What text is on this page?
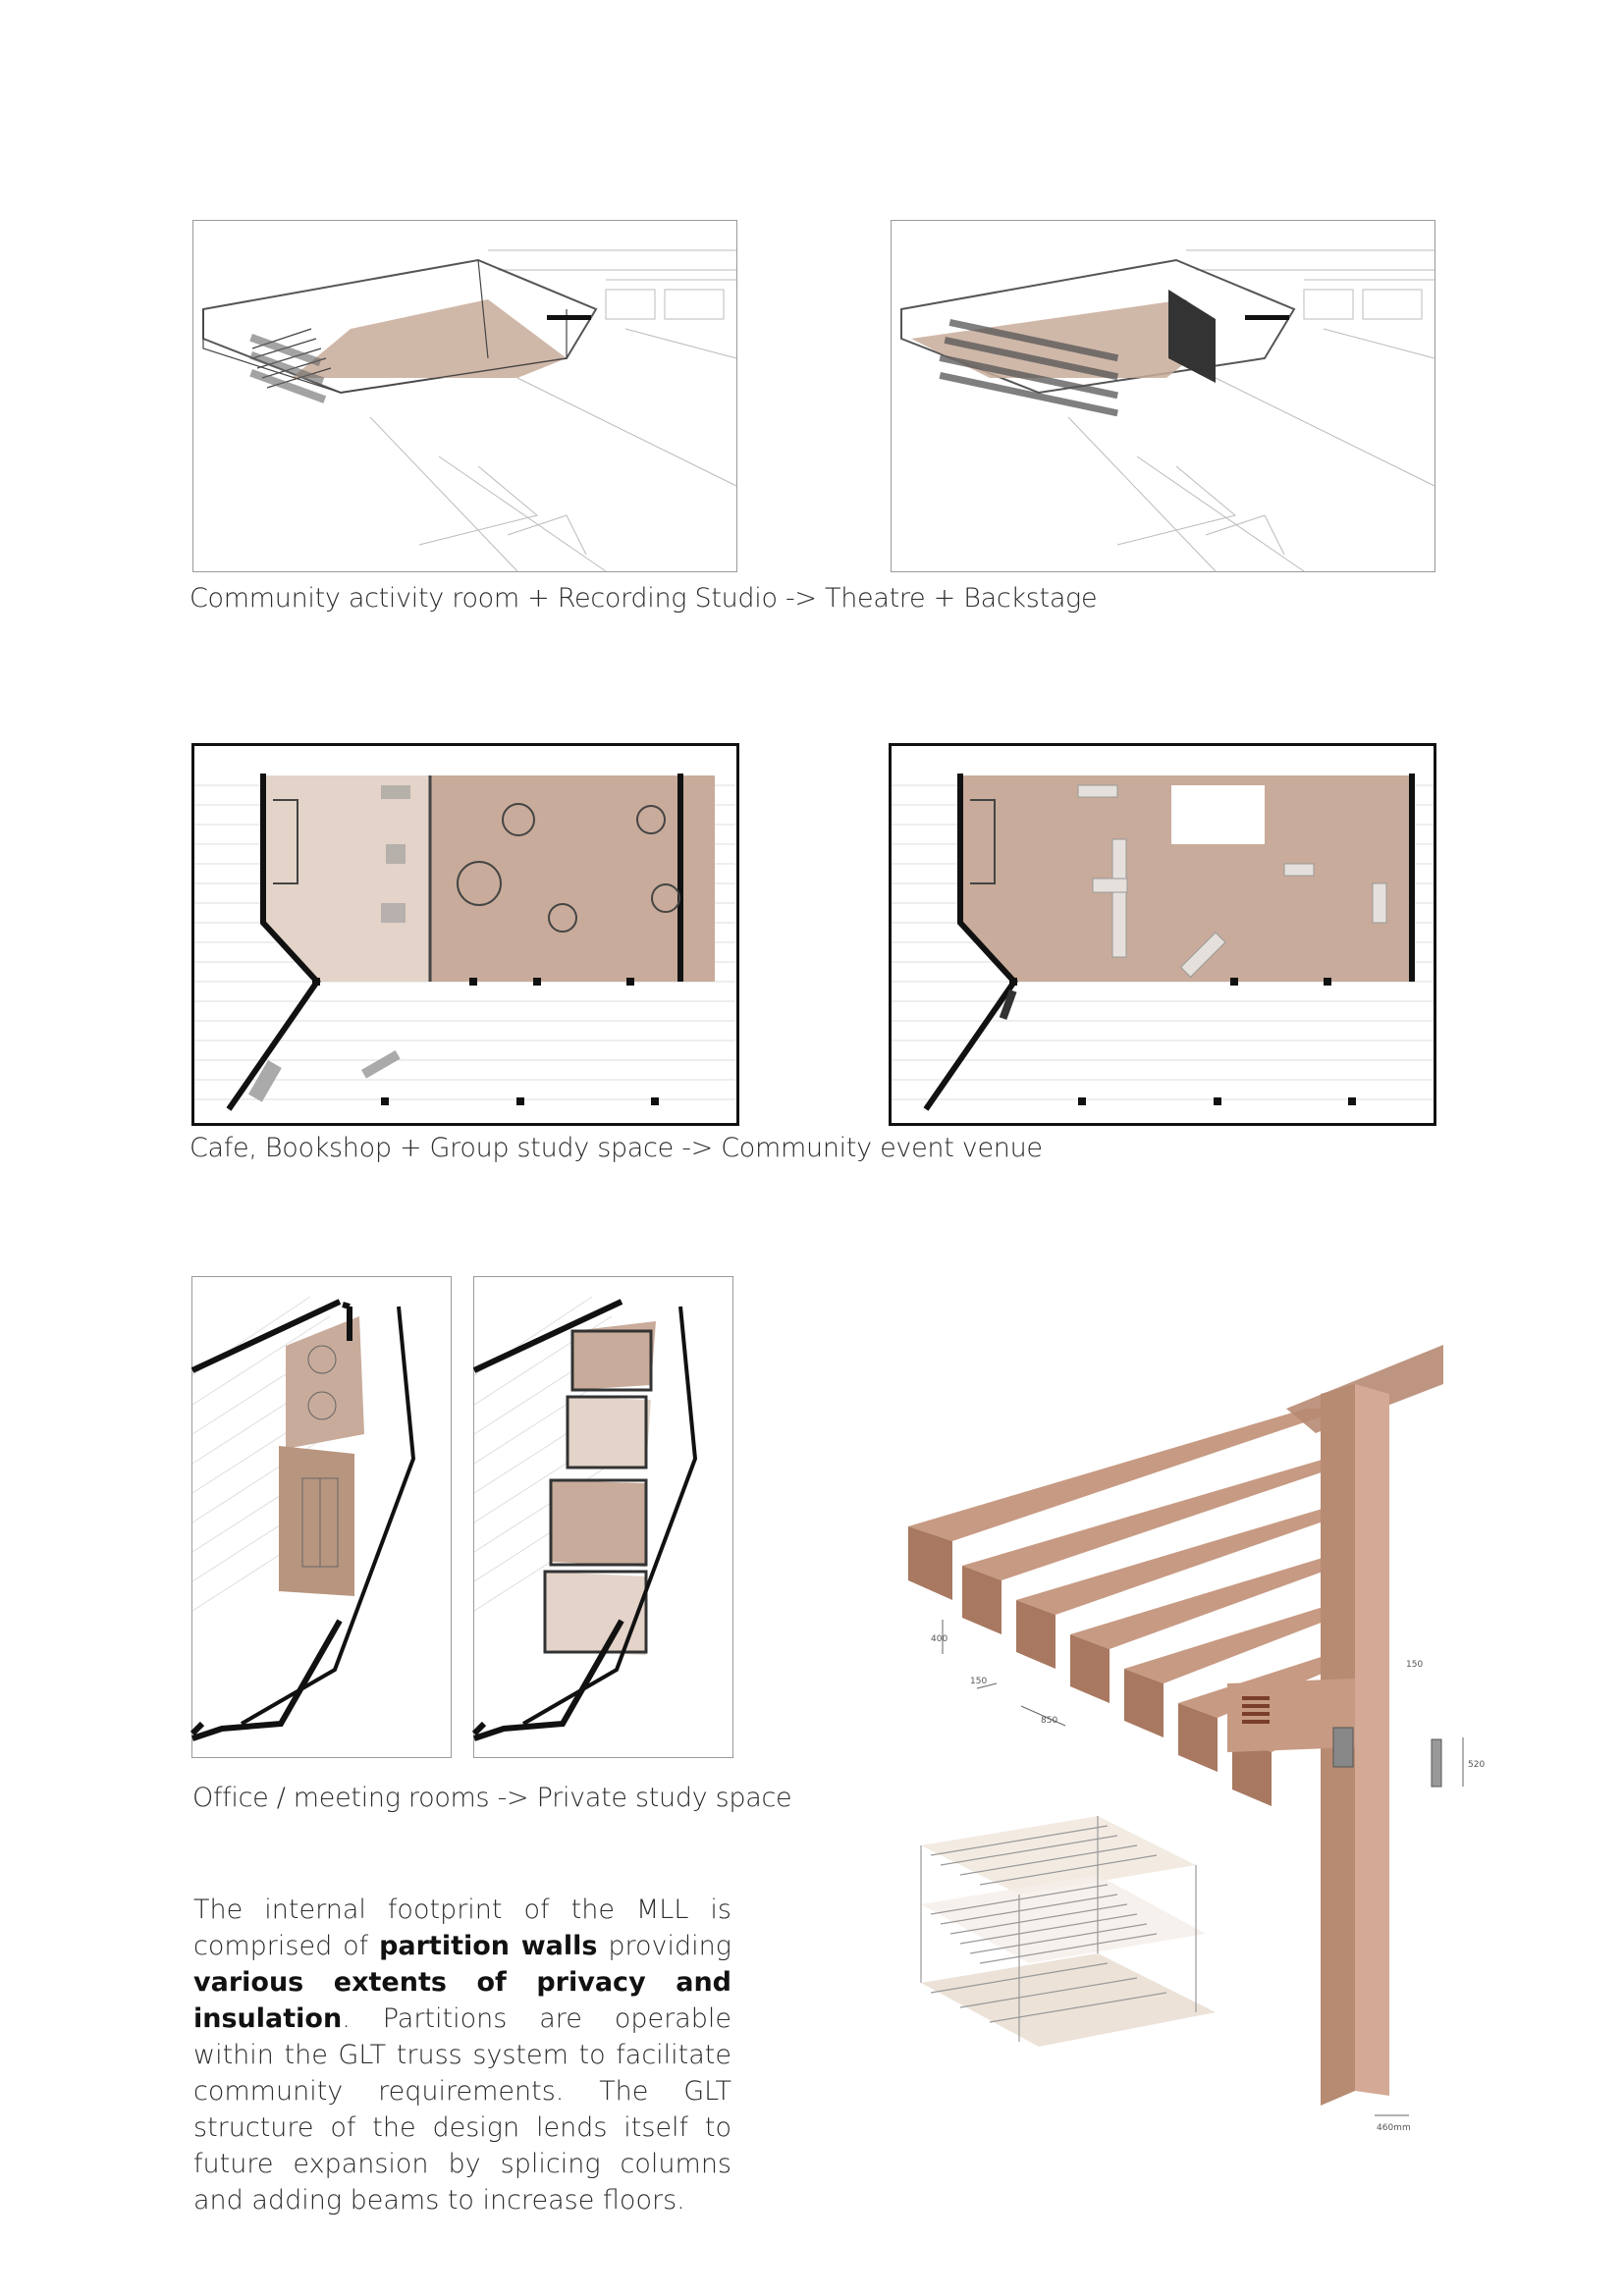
Community activity room + Recording Studio -> Theatre + Backstage
Cafe, Bookshop + Group study space -> Community event venue
Office / meeting rooms -> Private study space
The internal footprint of the MLL is comprised of partition walls providing various extents of privacy and insulation. Partitions are operable within the GLT truss system to facilitate community requirements. The GLT structure of the design lends itself to future expansion by splicing columns and adding beams to increase floors.
400
150
850
520
150
460mm
